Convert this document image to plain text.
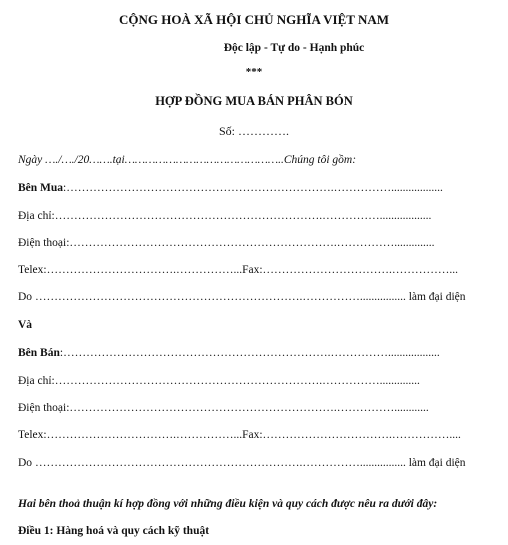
CỘNG HOÀ XÃ HỘI CHỦ NGHĨA VIỆT NAM
Độc lập - Tự do - Hạnh phúc
***
HỢP ĐỒNG MUA BÁN PHÂN BÓN
Số: ………….
Ngày …./…./20…….tại………………………………………..Chúng tôi gồm:
Bên Mua:…………………………………………………………….……………..................
Địa chỉ:…………………………………………………………….……………..................
Điện thoại:…………………………………………………………….……………..............
Telex:…………………………….……………...Fax:…………………………….……………...
Do …………………………………………………………….……………................ làm đại diện
Và
Bên Bán:…………………………………………………………….……………..................
Địa chỉ:…………………………………………………………….……………..............
Điện thoại:…………………………………………………………….……………............
Telex:…………………………….……………...Fax:…………………………….……………....
Do …………………………………………………………….……………................ làm đại diện
Hai bên thoả thuận kí hợp đồng với những điều kiện và quy cách được nêu ra dưới đây:
Điều 1: Hàng hoá và quy cách kỹ thuật
